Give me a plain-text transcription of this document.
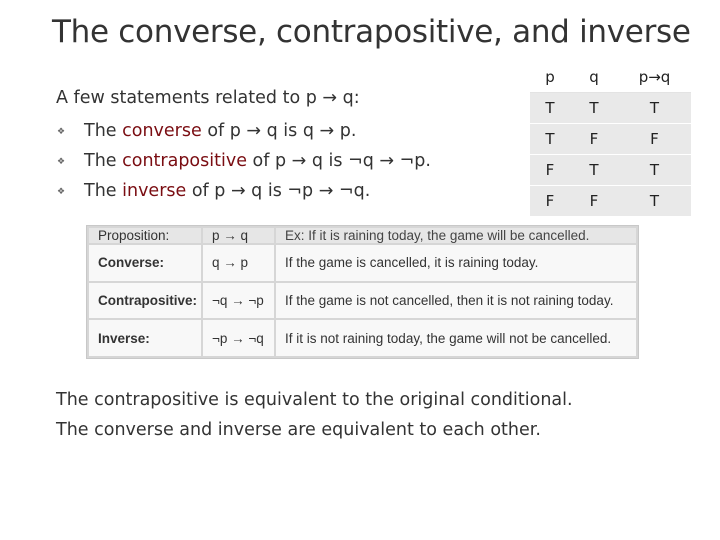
The converse, contrapositive, and inverse
A few statements related to p → q:
❖ The converse of p → q is q → p.
❖ The contrapositive of p → q is ¬q → ¬p.
❖ The inverse of p → q is ¬p → ¬q.
p	q	p→q
T	T	T
T	F	F
F	T	T
F	F	T
Proposition:	p → q	Ex: If it is raining today, the game will be cancelled.
Converse:	q → p	If the game is cancelled, it is raining today.
Contrapositive:	¬q → ¬p	If the game is not cancelled, then it is not raining today.
Inverse:	¬p → ¬q	If it is not raining today, the game will not be cancelled.
The contrapositive is equivalent to the original conditional.
The converse and inverse are equivalent to each other.
